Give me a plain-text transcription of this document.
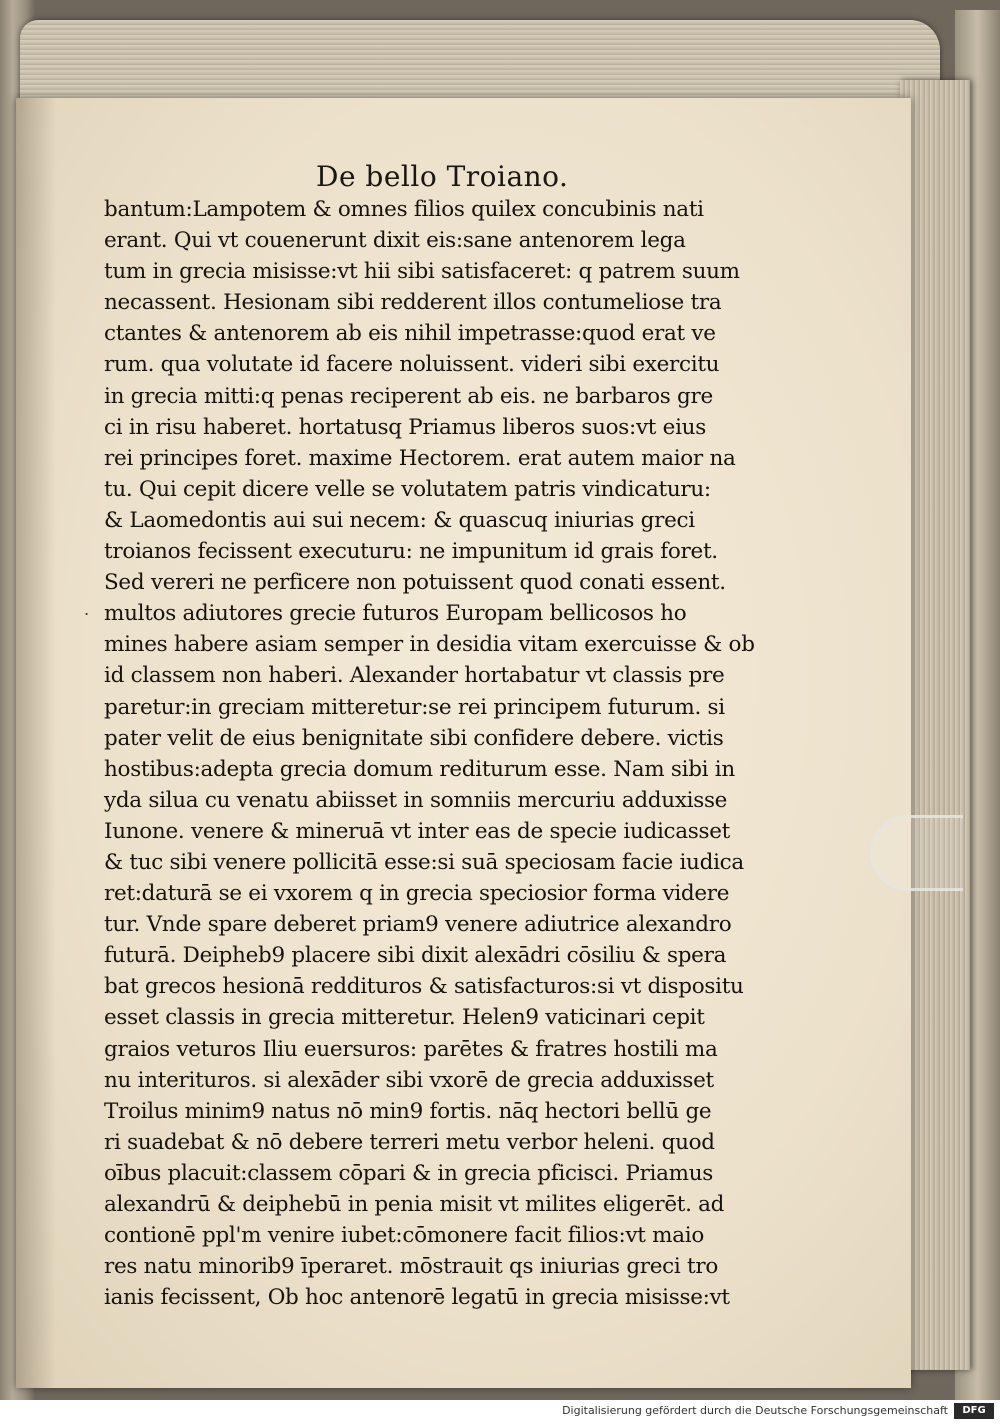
De bello Troiano.
.
bantum:Lampotem & omnes filios quilex concubinis nati
erant. Qui vt couenerunt dixit eis:sane antenorem lega
tum in grecia misisse:vt hii sibi satisfaceret: q patrem suum
necassent. Hesionam sibi redderent illos contumeliose tra
ctantes & antenorem ab eis nihil impetrasse:quod erat ve
rum. qua volutate id facere noluissent. videri sibi exercitu
in grecia mitti:q penas reciperent ab eis. ne barbaros gre
ci in risu haberet. hortatusq Priamus liberos suos:vt eius
rei principes foret. maxime Hectorem. erat autem maior na
tu. Qui cepit dicere velle se volutatem patris vindicaturu:
& Laomedontis aui sui necem: & quascuq iniurias greci
troianos fecissent executuru: ne impunitum id grais foret.
Sed vereri ne perficere non potuissent quod conati essent.
multos adiutores grecie futuros Europam bellicosos ho
mines habere asiam semper in desidia vitam exercuisse & ob
id classem non haberi. Alexander hortabatur vt classis pre
paretur:in greciam mitteretur:se rei principem futurum. si
pater velit de eius benignitate sibi confidere debere. victis
hostibus:adepta grecia domum rediturum esse. Nam sibi in
yda silua cu venatu abiisset in somniis mercuriu adduxisse
Iunone. venere & mineruā vt inter eas de specie iudicasset
& tuc sibi venere pollicitā esse:si suā speciosam facie iudica
ret:daturā se ei vxorem q in grecia speciosior forma videre
tur. Vnde spare deberet priam9 venere adiutrice alexandro
futurā. Deipheb9 placere sibi dixit alexādri cōsiliu & spera
bat grecos hesionā reddituros & satisfacturos:si vt dispositu
esset classis in grecia mitteretur. Helen9 vaticinari cepit
graios veturos Iliu euersuros: parētes & fratres hostili ma
nu interituros. si alexāder sibi vxorē de grecia adduxisset
Troilus minim9 natus nō min9 fortis. nāq hectori bellū ge
ri suadebat & nō debere terreri metu verbor heleni. quod
oībus placuit:classem cōpari & in grecia pficisci. Priamus
alexandrū & deiphebū in penia misit vt milites eligerēt. ad
contionē ppl'm venire iubet:cōmonere facit filios:vt maio
res natu minorib9 īperaret. mōstrauit qs iniurias greci tro
ianis fecissent, Ob hoc antenorē legatū in grecia misisse:vt
Digitalisierung gefördert durch die Deutsche Forschungsgemeinschaft	DFG
